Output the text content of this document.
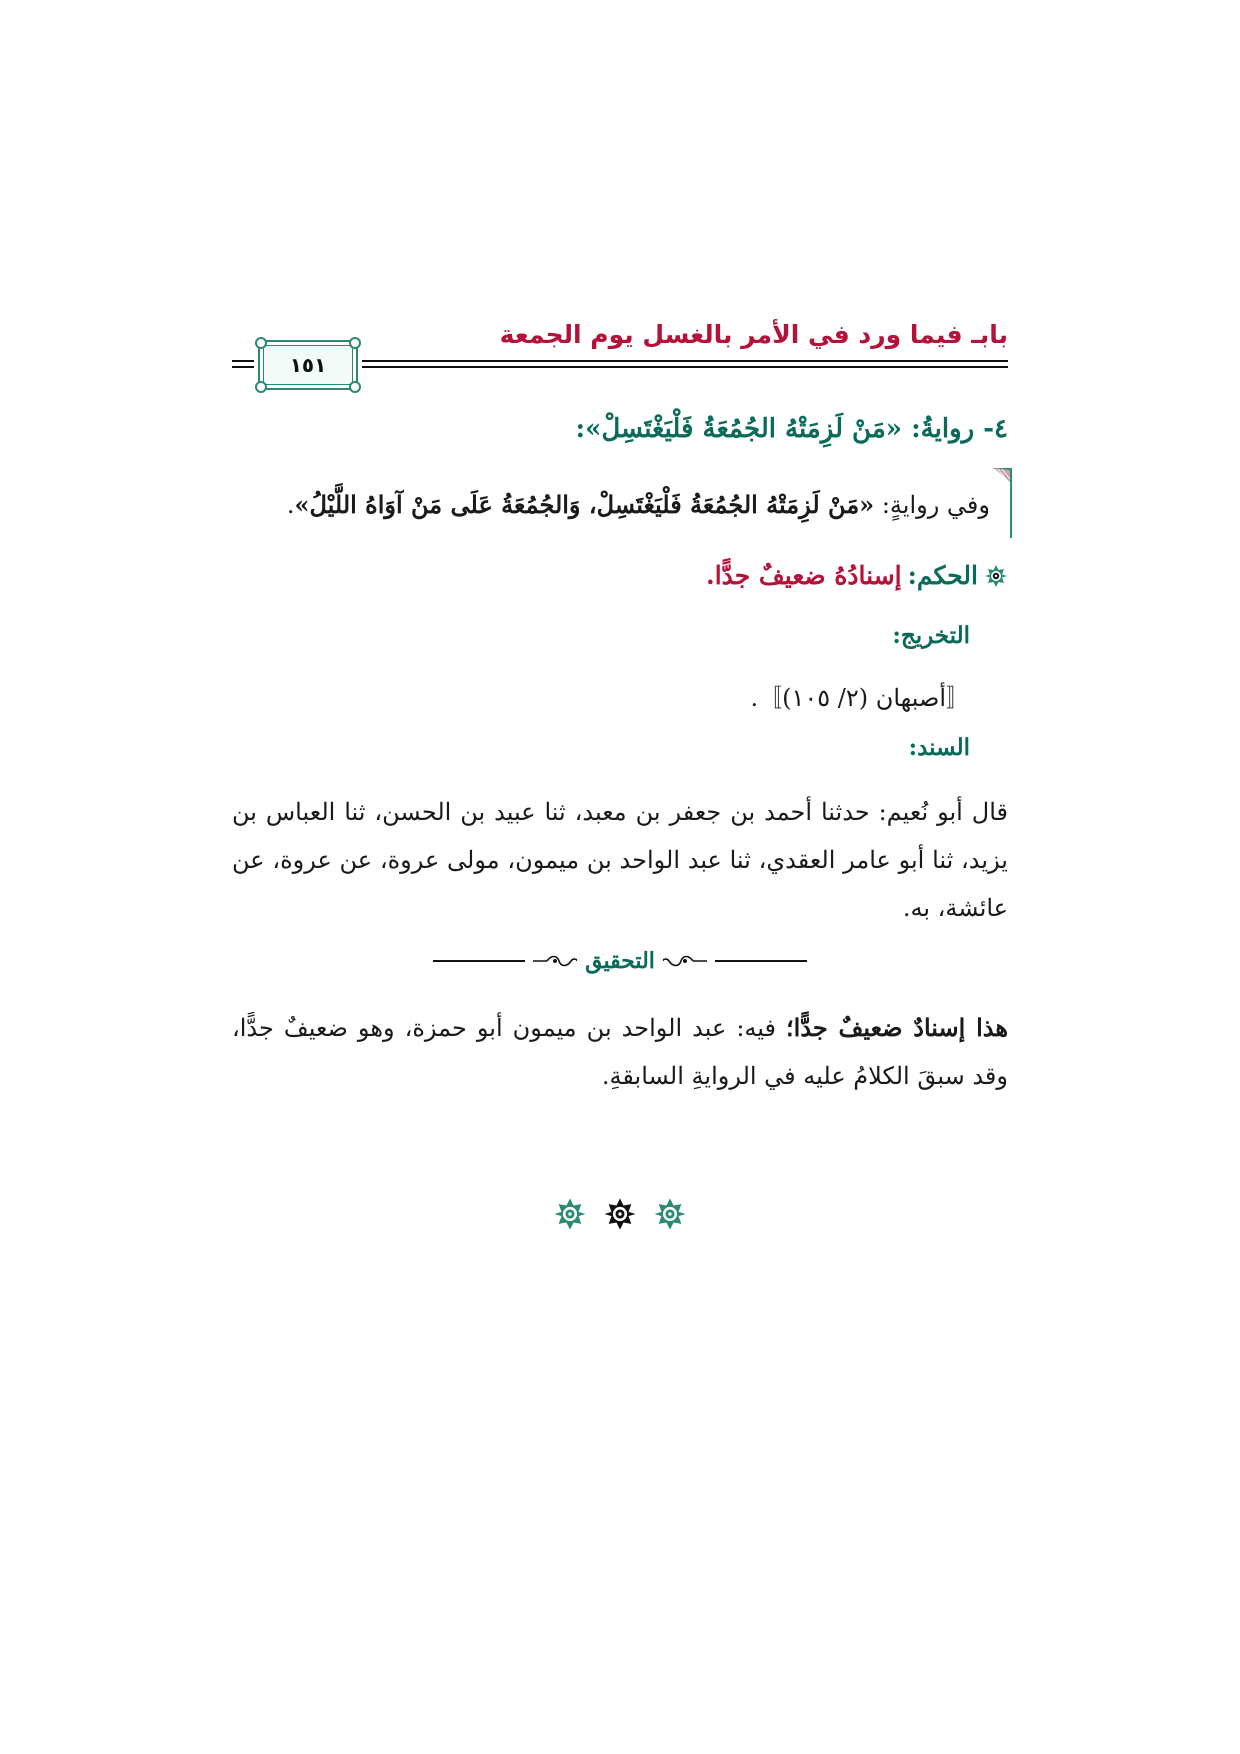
بابـ فيما ورد في الأمر بالغسل يوم الجمعة
١٥١
٤- روايةُ: «مَنْ لَزِمَتْهُ الجُمُعَةُ فَلْيَغْتَسِلْ»:
وفي روايةٍ: «مَنْ لَزِمَتْهُ الجُمُعَةُ فَلْيَغْتَسِلْ، وَالجُمُعَةُ عَلَى مَنْ آوَاهُ اللَّيْلُ».
الحكم:
إسنادُهُ ضعيفٌ جدًّا.
التخريج:
〚أصبهان (٢/ ١٠٥)〛.
السند:
قال أبو نُعيم: حدثنا أحمد بن جعفر بن معبد، ثنا عبيد بن الحسن، ثنا العباس بن يزيد، ثنا أبو عامر العقدي، ثنا عبد الواحد بن ميمون، مولى عروة، عن عروة، عن عائشة، به.
التحقيق
هذا إسنادٌ ضعيفٌ جدًّا؛ فيه: عبد الواحد بن ميمون أبو حمزة، وهو ضعيفٌ جدًّا، وقد سبقَ الكلامُ عليه في الروايةِ السابقةِ.
